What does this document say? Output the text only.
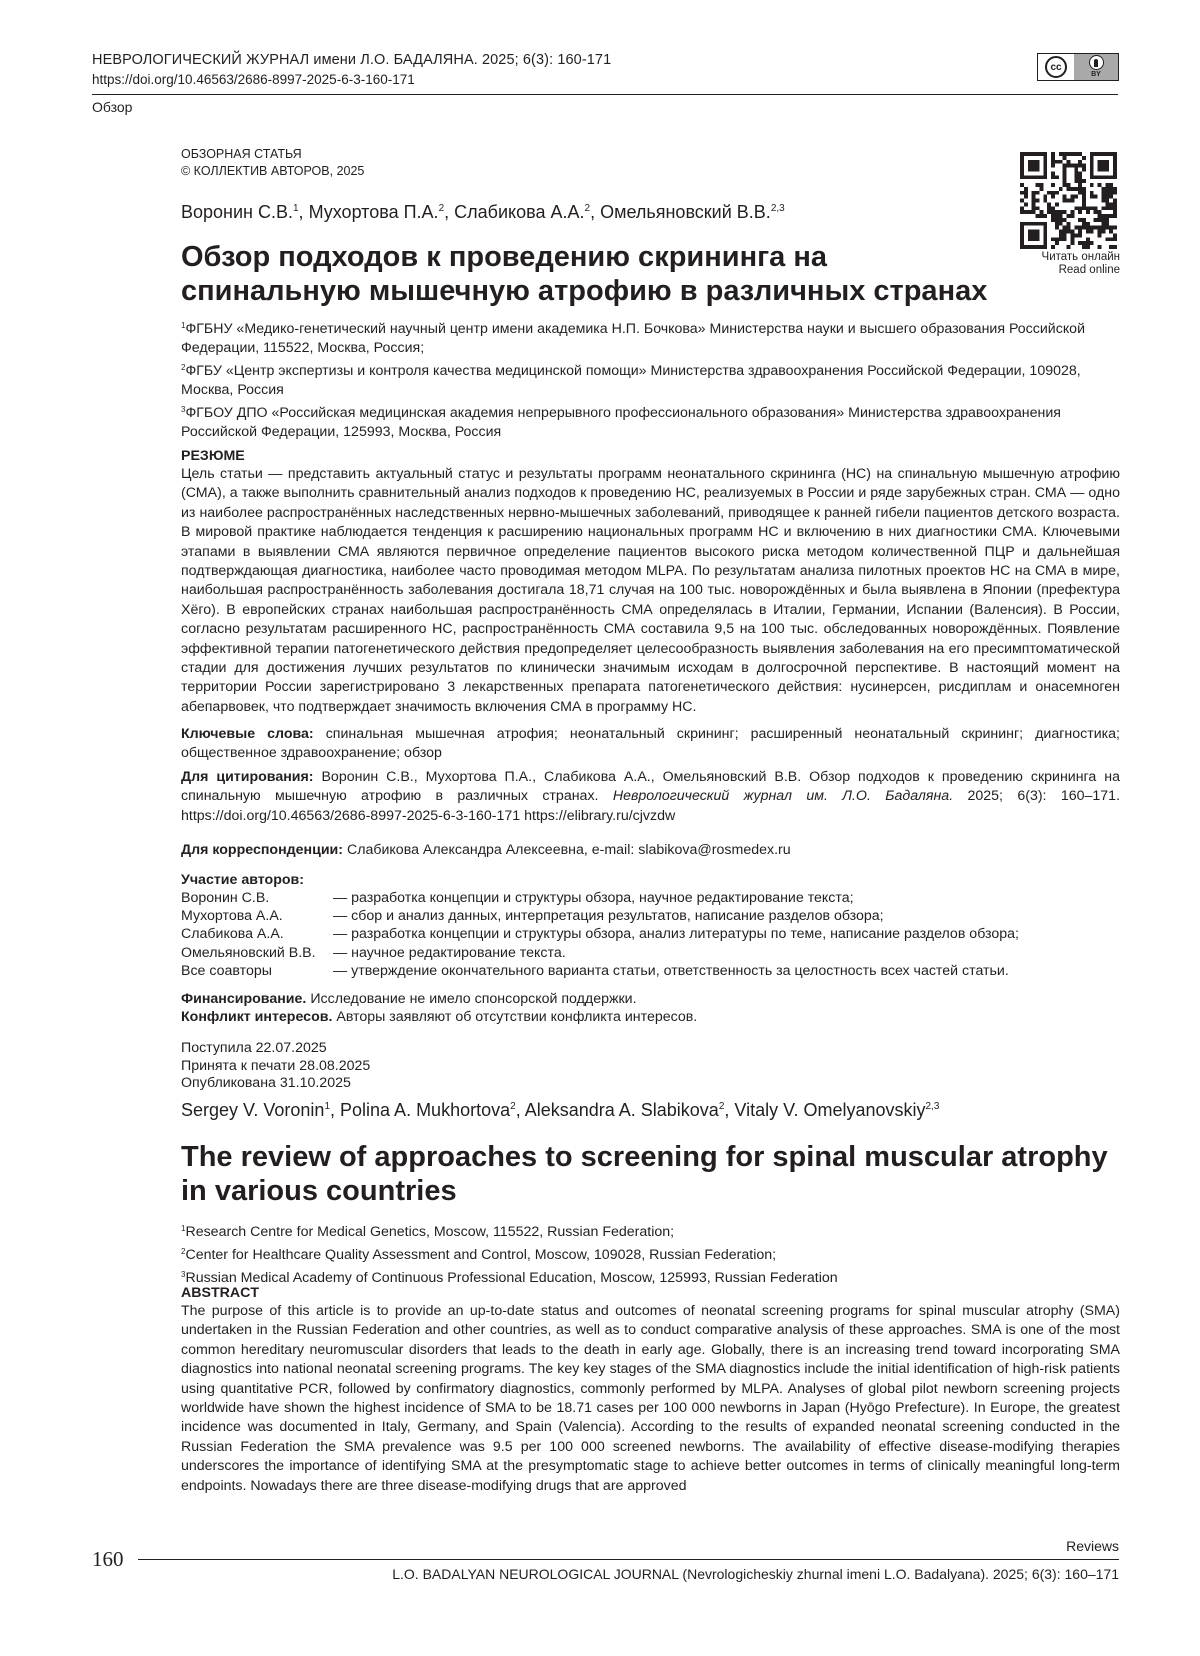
НЕВРОЛОГИЧЕСКИЙ ЖУРНАЛ имени Л.О. БАДАЛЯНА. 2025; 6(3): 160-171
https://doi.org/10.46563/2686-8997-2025-6-3-160-171
Обзор
cc
BY
ОБЗОРНАЯ СТАТЬЯ
© КОЛЛЕКТИВ АВТОРОВ, 2025
Читать онлайн
Read online
Воронин С.В.$^1$, Мухортова П.А.$^2$, Слабикова А.А.$^2$, Омельяновский В.В.$^{2,3}$
Обзор подходов к проведению скрининга на спинальную мышечную атрофию в различных странах

$^1$ФГБНУ «Медико-генетический научный центр имени академика Н.П. Бочкова» Министерства науки и высшего образования Российской Федерации, 115522, Москва, Россия;

$^2$ФГБУ «Центр экспертизы и контроля качества медицинской помощи» Министерства здравоохранения Российской Федерации, 109028, Москва, Россия

$^3$ФГБОУ ДПО «Российская медицинская академия непрерывного профессионального образования» Министерства здравоохранения Российской Федерации, 125993, Москва, Россия

РЕЗЮМЕ
Цель статьи — представить актуальный статус и результаты программ неонатального скрининга (НС) на спинальную мышечную атрофию (СМА), а также выполнить сравнительный анализ подходов к проведению НС, реализуемых в России и ряде зарубежных стран. СМА — одно из наиболее распространённых наследственных нервно-мышечных заболеваний, приводящее к ранней гибели пациентов детского возраста. В мировой практике наблюдается тенденция к расширению национальных программ НС и включению в них диагностики СМА. Ключевыми этапами в выявлении СМА являются первичное определение пациентов высокого риска методом количественной ПЦР и дальнейшая подтверждающая диагностика, наиболее часто проводимая методом MLPA. По результатам анализа пилотных проектов НС на СМА в мире, наибольшая распространённость заболевания достигала 18,71 случая на 100 тыс. новорождённых и была выявлена в Японии (префектура Хёго). В европейских странах наибольшая распространённость СМА определялась в Италии, Германии, Испании (Валенсия). В России, согласно результатам расширенного НС, распространённость СМА составила 9,5 на 100 тыс. обследованных новорождённых. Появление эффективной терапии патогенетического действия предопределяет целесообразность выявления заболевания на его пресимптоматической стадии для достижения лучших результатов по клинически значимым исходам в долгосрочной перспективе. В настоящий момент на территории России зарегистрировано 3 лекарственных препарата патогенетического действия: нусинерсен, рисдиплам и онасемноген абепарвовек, что подтверждает значимость включения СМА в программу НС.
Ключевые слова: спинальная мышечная атрофия; неонатальный скрининг; расширенный неонатальный скрининг; диагностика; общественное здравоохранение; обзор
Для цитирования: Воронин С.В., Мухортова П.А., Слабикова А.А., Омельяновский В.В. Обзор подходов к проведению скрининга на спинальную мышечную атрофию в различных странах. Неврологический журнал им. Л.О. Бадаляна. 2025; 6(3): 160–171. https://doi.org/10.46563/2686-8997-2025-6-3-160-171 https://elibrary.ru/cjvzdw
Для корреспонденции: Слабикова Александра Алексеевна, e-mail: slabikova@rosmedex.ru
Участие авторов:
Воронин С.В.	— разработка концепции и структуры обзора, научное редактирование текста;
Мухортова А.А.	— сбор и анализ данных, интерпретация результатов, написание разделов обзора;
Слабикова А.А.	— разработка концепции и структуры обзора, анализ литературы по теме, написание разделов обзора;
Омельяновский В.В.	— научное редактирование текста.
Все соавторы	— утверждение окончательного варианта статьи, ответственность за целостность всех частей статьи.
Финансирование. Исследование не имело спонсорской поддержки.
Конфликт интересов. Авторы заявляют об отсутствии конфликта интересов.
Поступила 22.07.2025
Принята к печати 28.08.2025
Опубликована 31.10.2025
Sergey V. Voronin$^1$, Polina A. Mukhortova$^2$, Aleksandra A. Slabikova$^2$, Vitaly V. Omelyanovskiy$^{2,3}$
The review of approaches to screening for spinal muscular atrophy in various countries

$^1$Research Centre for Medical Genetics, Moscow, 115522, Russian Federation;

$^2$Center for Healthcare Quality Assessment and Control, Moscow, 109028, Russian Federation;

$^3$Russian Medical Academy of Continuous Professional Education, Moscow, 125993, Russian Federation

ABSTRACT
The purpose of this article is to provide an up-to-date status and outcomes of neonatal screening programs for spinal muscular atrophy (SMA) undertaken in the Russian Federation and other countries, as well as to conduct comparative analysis of these approaches. SMA is one of the most common hereditary neuromuscular disorders that leads to the death in early age. Globally, there is an increasing trend toward incorporating SMA diagnostics into national neonatal screening programs. The key key stages of the SMA diagnostics include the initial identification of high-risk patients using quantitative PCR, followed by confirmatory diagnostics, commonly performed by MLPA. Analyses of global pilot newborn screening projects worldwide have shown the highest incidence of SMA to be 18.71 cases per 100 000 newborns in Japan (Hyōgo Prefecture). In Europe, the greatest incidence was documented in Italy, Germany, and Spain (Valencia). According to the results of expanded neonatal screening conducted in the Russian Federation the SMA prevalence was 9.5 per 100 000 screened newborns. The availability of effective disease-modifying therapies underscores the importance of identifying SMA at the presymptomatic stage to achieve better outcomes in terms of clinically meaningful long-term endpoints. Nowadays there are three disease-modifying drugs that are approved
160
Reviews
L.O. BADALYAN NEUROLOGICAL JOURNAL (Nevrologicheskiy zhurnal imeni L.O. Badalyana). 2025; 6(3): 160–171
